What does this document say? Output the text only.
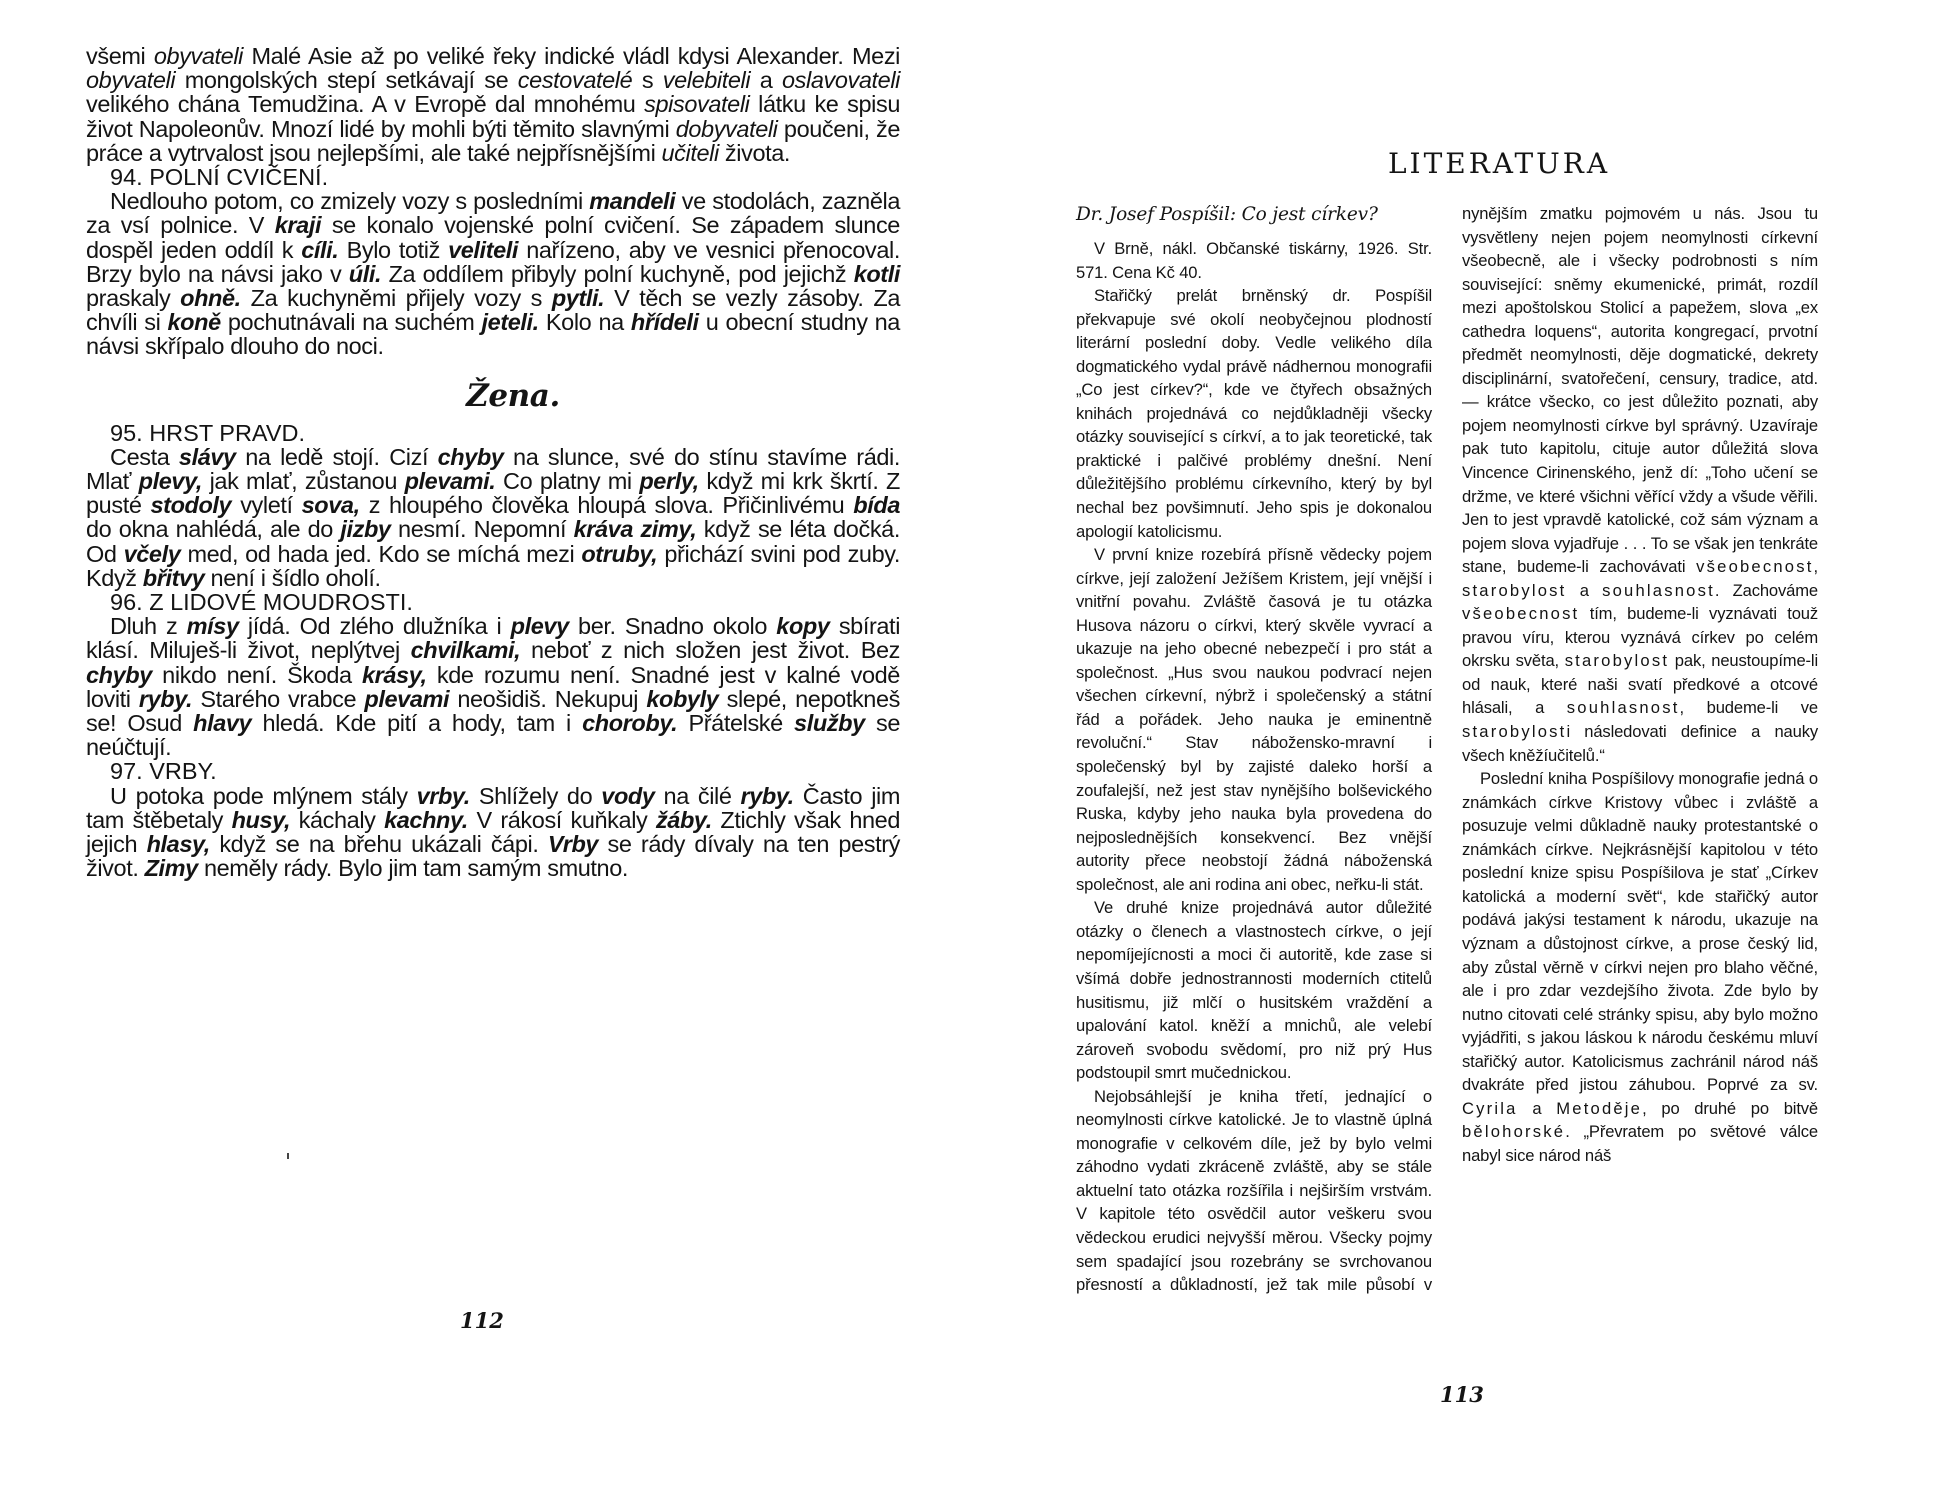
všemi obyvateli Malé Asie až po veliké řeky indické vládl kdysi Alexander. Mezi obyvateli mongolských stepí setkávají se cestovatelé s velebiteli a oslavovateli velikého chána Temudžina. A v Evropě dal mnohému spisovateli látku ke spisu život Napoleonův. Mnozí lidé by mohli býti těmito slavnými dobyvateli poučeni, že práce a vytrvalost jsou nejlepšími, ale také nejpřísnějšími učiteli života.

94. POLNÍ CVIČENÍ.

Nedlouho potom, co zmizely vozy s posledními mandeli ve stodolách, zazněla za vsí polnice. V kraji se konalo vojenské polní cvičení. Se západem slunce dospěl jeden oddíl k cíli. Bylo totiž veliteli nařízeno, aby ve vesnici přenocoval. Brzy bylo na návsi jako v úli. Za oddílem přibyly polní kuchyně, pod jejichž kotli praskaly ohně. Za kuchyněmi přijely vozy s pytli. V těch se vezly zásoby. Za chvíli si koně pochutnávali na suchém jeteli. Kolo na hřídeli u obecní studny na návsi skřípalo dlouho do noci.

Žena.
95. HRST PRAVD.

Cesta slávy na ledě stojí. Cizí chyby na slunce, své do stínu stavíme rádi. Mlať plevy, jak mlať, zůstanou plevami. Co platny mi perly, když mi krk škrtí. Z pusté stodoly vyletí sova, z hloupého člověka hloupá slova. Přičinlivému bída do okna nahlédá, ale do jizby nesmí. Nepomní kráva zimy, když se léta dočká. Od včely med, od hada jed. Kdo se míchá mezi otruby, přichází svini pod zuby. Když břitvy není i šídlo oholí.

96. Z LIDOVÉ MOUDROSTI.

Dluh z mísy jídá. Od zlého dlužníka i plevy ber. Snadno okolo kopy sbírati klásí. Miluješ-li život, neplýtvej chvilkami, neboť z nich složen jest život. Bez chyby nikdo není. Škoda krásy, kde rozumu není. Snadné jest v kalné vodě loviti ryby. Starého vrabce plevami neošidiš. Nekupuj kobyly slepé, nepotkneš se! Osud hlavy hledá. Kde pití a hody, tam i choroby. Přátelské služby se neúčtují.

97. VRBY.

U potoka pode mlýnem stály vrby. Shlížely do vody na čilé ryby. Často jim tam štěbetaly husy, káchaly kachny. V rákosí kuňkaly žáby. Ztichly však hned jejich hlasy, když se na břehu ukázali čápi. Vrby se rády dívaly na ten pestrý život. Zimy neměly rády. Bylo jim tam samým smutno.

112
LITERATURA
Dr. Josef Pospíšil: Co jest církev?

V Brně, nákl. Občanské tiskárny, 1926. Str. 571. Cena Kč 40.

Stařičký prelát brněnský dr. Pospíšil překvapuje své okolí neobyčejnou plodností literární poslední doby. Vedle velikého díla dogmatického vydal právě nádhernou monografii „Co jest církev?“, kde ve čtyřech obsažných knihách projednává co nejdůkladněji všecky otázky související s církví, a to jak teoretické, tak praktické i palčivé problémy dnešní. Není důležitějšího problému církevního, který by byl nechal bez povšimnutí. Jeho spis je dokonalou apologií katolicismu.

V první knize rozebírá přísně vědecky pojem církve, její založení Ježíšem Kristem, její vnější i vnitřní povahu. Zvláště časová je tu otázka Husova názoru o církvi, který skvěle vyvrací a ukazuje na jeho obecné nebezpečí i pro stát a společnost. „Hus svou naukou podvrací nejen všechen církevní, nýbrž i společenský a státní řád a pořádek. Jeho nauka je eminentně revoluční.“ Stav nábožensko-mravní i společenský byl by zajisté daleko horší a zoufalejší, než jest stav nynějšího bolševického Ruska, kdyby jeho nauka byla provedena do nejposlednějších konsekvencí. Bez vnější autority přece neobstojí žádná náboženská společnost, ale ani rodina ani obec, neřku-li stát.

Ve druhé knize projednává autor důležité otázky o členech a vlastnostech církve, o její nepomíjejícnosti a moci či autoritě, kde zase si všímá dobře jednostrannosti moderních ctitelů husitismu, již mlčí o husitském vraždění a upalování katol. kněží a mnichů, ale velebí zároveň svobodu svědomí, pro niž prý Hus podstoupil smrt mučednickou.

Nejobsáhlejší je kniha třetí, jednající o neomylnosti církve katolické. Je to vlastně úplná monografie v celkovém díle, jež by bylo velmi záhodno vydati zkráceně zvláště, aby se stále aktuelní tato otázka rozšířila i nejširším vrstvám. V kapitole této osvědčil autor veškeru svou vědeckou erudici nejvyšší měrou. Všecky pojmy sem spadající jsou rozebrány se svrchovanou přesností a důkladností, jež tak mile působí v nynějším zmatku pojmovém u nás. Jsou tu vysvětleny nejen pojem neomylnosti církevní všeobecně, ale i všecky podrobnosti s ním související: sněmy ekumenické, primát, rozdíl mezi apoštolskou Stolicí a papežem, slova „ex cathedra loquens“, autorita kongregací, prvotní předmět neomylnosti, děje dogmatické, dekrety disciplinární, svatořečení, censury, tradice, atd. — krátce všecko, co jest důležito poznati, aby pojem neomylnosti církve byl správný. Uzavíraje pak tuto kapitolu, cituje autor důležitá slova Vincence Cirinenského, jenž dí: „Toho učení se držme, ve které všichni věřící vždy a všude věřili. Jen to jest vpravdě katolické, což sám význam a pojem slova vyjadřuje . . . To se však jen tenkráte stane, budeme-li zachovávati všeobecnost, starobylost a souhlasnost. Zachováme všeobecnost tím, budeme-li vyznávati touž pravou víru, kterou vyznává církev po celém okrsku světa, starobylost pak, neustoupíme-li od nauk, které naši svatí předkové a otcové hlásali, a souhlasnost, budeme-li ve starobylosti následovati definice a nauky všech kněžíučitelů.“

Poslední kniha Pospíšilovy monografie jedná o známkách církve Kristovy vůbec i zvláště a posuzuje velmi důkladně nauky protestantské o známkách církve. Nejkrásnější kapitolou v této poslední knize spisu Pospíšilova je stať „Církev katolická a moderní svět“, kde stařičký autor podává jakýsi testament k národu, ukazuje na význam a důstojnost církve, a prose český lid, aby zůstal věrně v církvi nejen pro blaho věčné, ale i pro zdar vezdejšího života. Zde bylo by nutno citovati celé stránky spisu, aby bylo možno vyjádřiti, s jakou láskou k národu českému mluví stařičký autor. Katolicismus zachránil národ náš dvakráte před jistou záhubou. Poprvé za sv. Cyrila a Metoděje, po druhé po bitvě bělohorské. „Převratem po světové válce nabyl sice národ náš

113
